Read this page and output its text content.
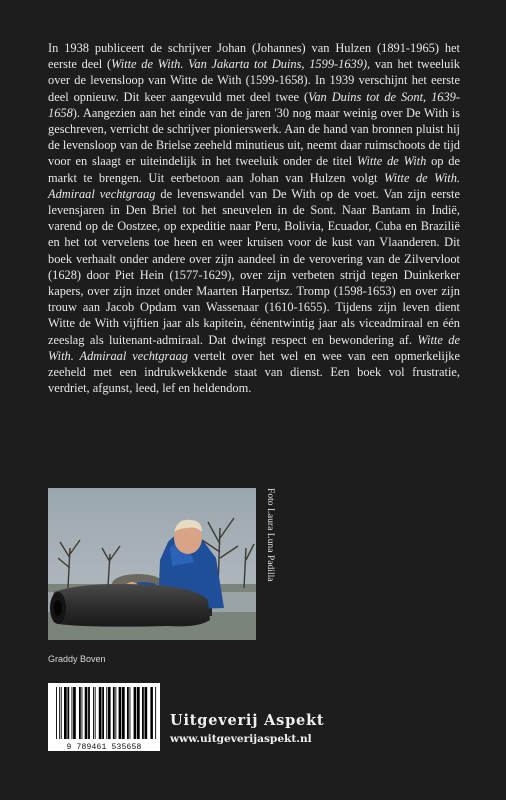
In 1938 publiceert de schrijver Johan (Johannes) van Hulzen (1891-1965) het eerste deel (Witte de With. Van Jakarta tot Duins, 1599-1639), van het tweeluik over de levensloop van Witte de With (1599-1658). In 1939 verschijnt het eerste deel opnieuw. Dit keer aangevuld met deel twee (Van Duins tot de Sont, 1639-1658). Aangezien aan het einde van de jaren '30 nog maar weinig over De With is geschreven, verricht de schrijver pionierswerk. Aan de hand van bronnen pluist hij de levensloop van de Brielse zeeheld minutieus uit, neemt daar ruimschoots de tijd voor en slaagt er uiteindelijk in het tweeluik onder de titel Witte de With op de markt te brengen. Uit eerbetoon aan Johan van Hulzen volgt Witte de With. Admiraal vechtgraag de levenswandel van De With op de voet. Van zijn eerste levensjaren in Den Briel tot het sneuvelen in de Sont. Naar Bantam in Indië, varend op de Oostzee, op expeditie naar Peru, Bolivia, Ecuador, Cuba en Brazilië en het tot vervelens toe heen en weer kruisen voor de kust van Vlaanderen. Dit boek verhaalt onder andere over zijn aandeel in de verovering van de Zilvervloot (1628) door Piet Hein (1577-1629), over zijn verbeten strijd tegen Duinkerker kapers, over zijn inzet onder Maarten Harpertsz. Tromp (1598-1653) en over zijn trouw aan Jacob Opdam van Wassenaar (1610-1655). Tijdens zijn leven dient Witte de With vijftien jaar als kapitein, éénentwintig jaar als viceadmiraal en één zeeslag als luitenant-admiraal. Dat dwingt respect en bewondering af. Witte de With. Admiraal vechtgraag vertelt over het wel en wee van een opmerkelijke zeeheld met een indrukwekkende staat van dienst. Een boek vol frustratie, verdriet, afgunst, leed, lef en heldendom.

Foto Laura Luna Padilla
Graddy Boven
9 789461 535658
Uitgeverij Aspekt
www.uitgeverijaspekt.nl
